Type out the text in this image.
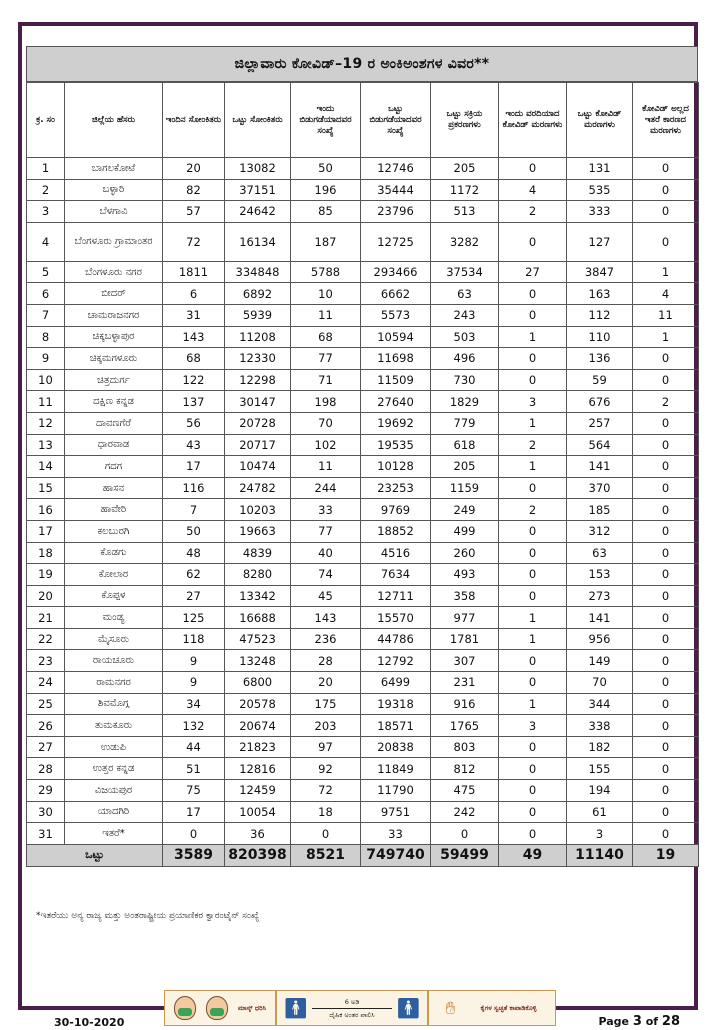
ಜಿಲ್ಲಾವಾರು ಕೋವಿಡ್‌–19 ರ ಅಂಕಿಅಂಶಗಳ ವಿವರ**
ಕ್ರ. ಸಂ	ಜಿಲ್ಲೆಯ ಹೆಸರು	ಇಂದಿನ ಸೋಂಕಿತರು	ಒಟ್ಟು ಸೋಂಕಿತರು	ಇಂದು ಬಿಡುಗಡೆಯಾದವರ ಸಂಖ್ಯೆ	ಒಟ್ಟು ಬಿಡುಗಡೆಯಾದವರ ಸಂಖ್ಯೆ	ಒಟ್ಟು ಸಕ್ರಿಯ ಪ್ರಕರಣಗಳು	ಇಂದು ವರದಿಯಾದ ಕೋವಿಡ್ ಮರಣಗಳು	ಒಟ್ಟು ಕೋವಿಡ್ ಮರಣಗಳು	ಕೋವಿಡ್ ಅಲ್ಲದ ಇತರೆ ಕಾರಣದ ಮರಣಗಳು
1	ಬಾಗಲಕೋಟೆ	20	13082	50	12746	205	0	131	0
2	ಬಳ್ಳಾರಿ	82	37151	196	35444	1172	4	535	0
3	ಬೆಳಗಾವಿ	57	24642	85	23796	513	2	333	0
4	ಬೆಂಗಳೂರು ಗ್ರಾಮಾಂತರ	72	16134	187	12725	3282	0	127	0
5	ಬೆಂಗಳೂರು ನಗರ	1811	334848	5788	293466	37534	27	3847	1
6	ಬೀದರ್	6	6892	10	6662	63	0	163	4
7	ಚಾಮರಾಜನಗರ	31	5939	11	5573	243	0	112	11
8	ಚಿಕ್ಕಬಳ್ಳಾಪುರ	143	11208	68	10594	503	1	110	1
9	ಚಿಕ್ಕಮಗಳೂರು	68	12330	77	11698	496	0	136	0
10	ಚಿತ್ರದುರ್ಗ	122	12298	71	11509	730	0	59	0
11	ದಕ್ಷಿಣ ಕನ್ನಡ	137	30147	198	27640	1829	3	676	2
12	ದಾವಣಗೆರೆ	56	20728	70	19692	779	1	257	0
13	ಧಾರವಾಡ	43	20717	102	19535	618	2	564	0
14	ಗದಗ	17	10474	11	10128	205	1	141	0
15	ಹಾಸನ	116	24782	244	23253	1159	0	370	0
16	ಹಾವೇರಿ	7	10203	33	9769	249	2	185	0
17	ಕಲಬುರಗಿ	50	19663	77	18852	499	0	312	0
18	ಕೊಡಗು	48	4839	40	4516	260	0	63	0
19	ಕೋಲಾರ	62	8280	74	7634	493	0	153	0
20	ಕೊಪ್ಪಳ	27	13342	45	12711	358	0	273	0
21	ಮಂಡ್ಯ	125	16688	143	15570	977	1	141	0
22	ಮೈಸೂರು	118	47523	236	44786	1781	1	956	0
23	ರಾಯಚೂರು	9	13248	28	12792	307	0	149	0
24	ರಾಮನಗರ	9	6800	20	6499	231	0	70	0
25	ಶಿವಮೊಗ್ಗ	34	20578	175	19318	916	1	344	0
26	ತುಮಕೂರು	132	20674	203	18571	1765	3	338	0
27	ಉಡುಪಿ	44	21823	97	20838	803	0	182	0
28	ಉತ್ತರ ಕನ್ನಡ	51	12816	92	11849	812	0	155	0
29	ವಿಜಯಪುರ	75	12459	72	11790	475	0	194	0
30	ಯಾದಗಿರಿ	17	10054	18	9751	242	0	61	0
31	ಇತರೆ*	0	36	0	33	0	0	3	0
ಒಟ್ಟು		3589	820398	8521	749740	59499	49	11140	19
*ಇತರೆಯು ಅನ್ಯ ರಾಜ್ಯ ಮತ್ತು ಅಂತರಾಷ್ಟ್ರೀಯ ಪ್ರಯಾಣಿಕರ ಕ್ವಾರಂಟೈನ್ ಸಂಖ್ಯೆ
30-10-2020
ಮಾಸ್ಕ್ ಧರಿಸಿ 🚹︎	6 ಅಡಿ
ದೈಹಿಕ ಅಂತರ ಪಾಲಿಸಿ	🚹︎ ✋︎	ಕೈಗಳ ಸ್ವಚ್ಛತೆ ಕಾಪಾಡಿಕೊಳ್ಳಿ
Page 3 of 28
